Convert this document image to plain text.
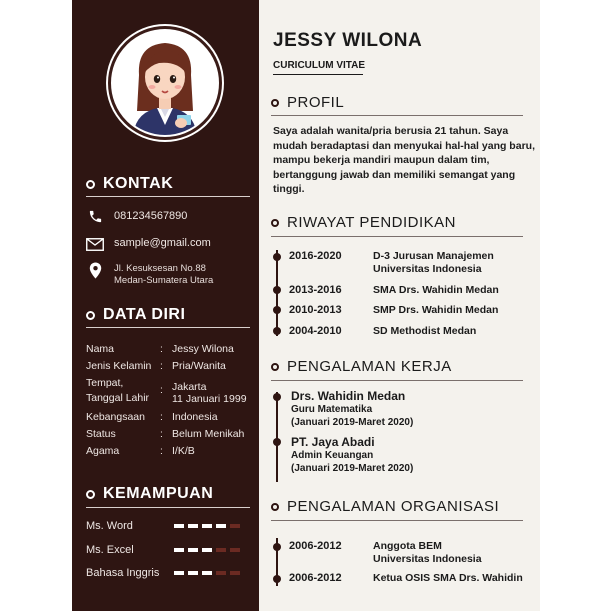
KONTAK
081234567890
sample@gmail.com
Jl. Kesuksesan No.88
Medan-Sumatera Utara
DATA DIRI
Nama	: Jessy Wilona
Jenis Kelamin : Pria/Wanita
Tempat,
Tanggal Lahir
: Jakarta
11 Januari 1999
Kebangsaan	: Indonesia
Status	: Belum Menikah
Agama	: I/K/B
KEMAMPUAN
Ms. Word
Ms. Excel
Bahasa Inggris
JESSY WILONA
CURICULUM VITAE
PROFIL
Saya adalah wanita/pria berusia 21 tahun. Saya mudah beradaptasi dan menyukai hal-hal yang baru, mampu bekerja mandiri maupun dalam tim, bertanggung jawab dan memiliki semangat yang tinggi.
RIWAYAT PENDIDIKAN
2016-2020	D-3 Jurusan Manajemen
Universitas Indonesia
2013-2016	SMA Drs. Wahidin Medan
2010-2013	SMP Drs. Wahidin Medan
2004-2010	SD Methodist Medan
PENGALAMAN KERJA
Drs. Wahidin Medan
Guru Matematika
(Januari 2019-Maret 2020)
PT. Jaya Abadi
Admin Keuangan
(Januari 2019-Maret 2020)
PENGALAMAN ORGANISASI
2006-2012	Anggota BEM
Universitas Indonesia
2006-2012	Ketua OSIS SMA Drs. Wahidin
